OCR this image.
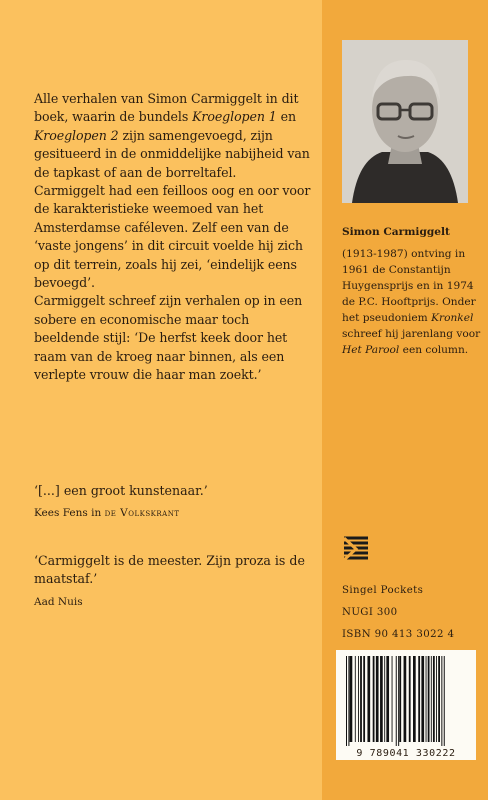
Alle verhalen van Simon Carmiggelt in dit boek, waarin de bundels Kroeglopen 1 en Kroeglopen 2 zijn samengevoegd, zijn gesitueerd in de onmiddelijke nabijheid van de tapkast of aan de borreltafel.

Carmiggelt had een feilloos oog en oor voor de karakteristieke weemoed van het Amsterdamse caféleven. Zelf een van de ‘vaste jongens’ in dit circuit voelde hij zich op dit terrein, zoals hij zei, ‘eindelijk eens bevoegd’.

Carmiggelt schreef zijn verhalen op in een sobere en economische maar toch beeldende stijl: ‘De herfst keek door het raam van de kroeg naar binnen, als een verlepte vrouw die haar man zoekt.’

‘[...] een groot kunstenaar.’

Kees Fens in de Volkskrant

‘Carmiggelt is de meester. Zijn proza is de maatstaf.’

Aad Nuis
Simon Carmiggelt

(1913-1987) ontving in 1961 de Constantijn Huygensprijs en in 1974 de P.C. Hooftprijs. Onder het pseudoniem Kronkel schreef hij jarenlang voor Het Parool een column.

Singel Pockets
NUGI 300
ISBN 90 413 3022 4
9 789041 330222
